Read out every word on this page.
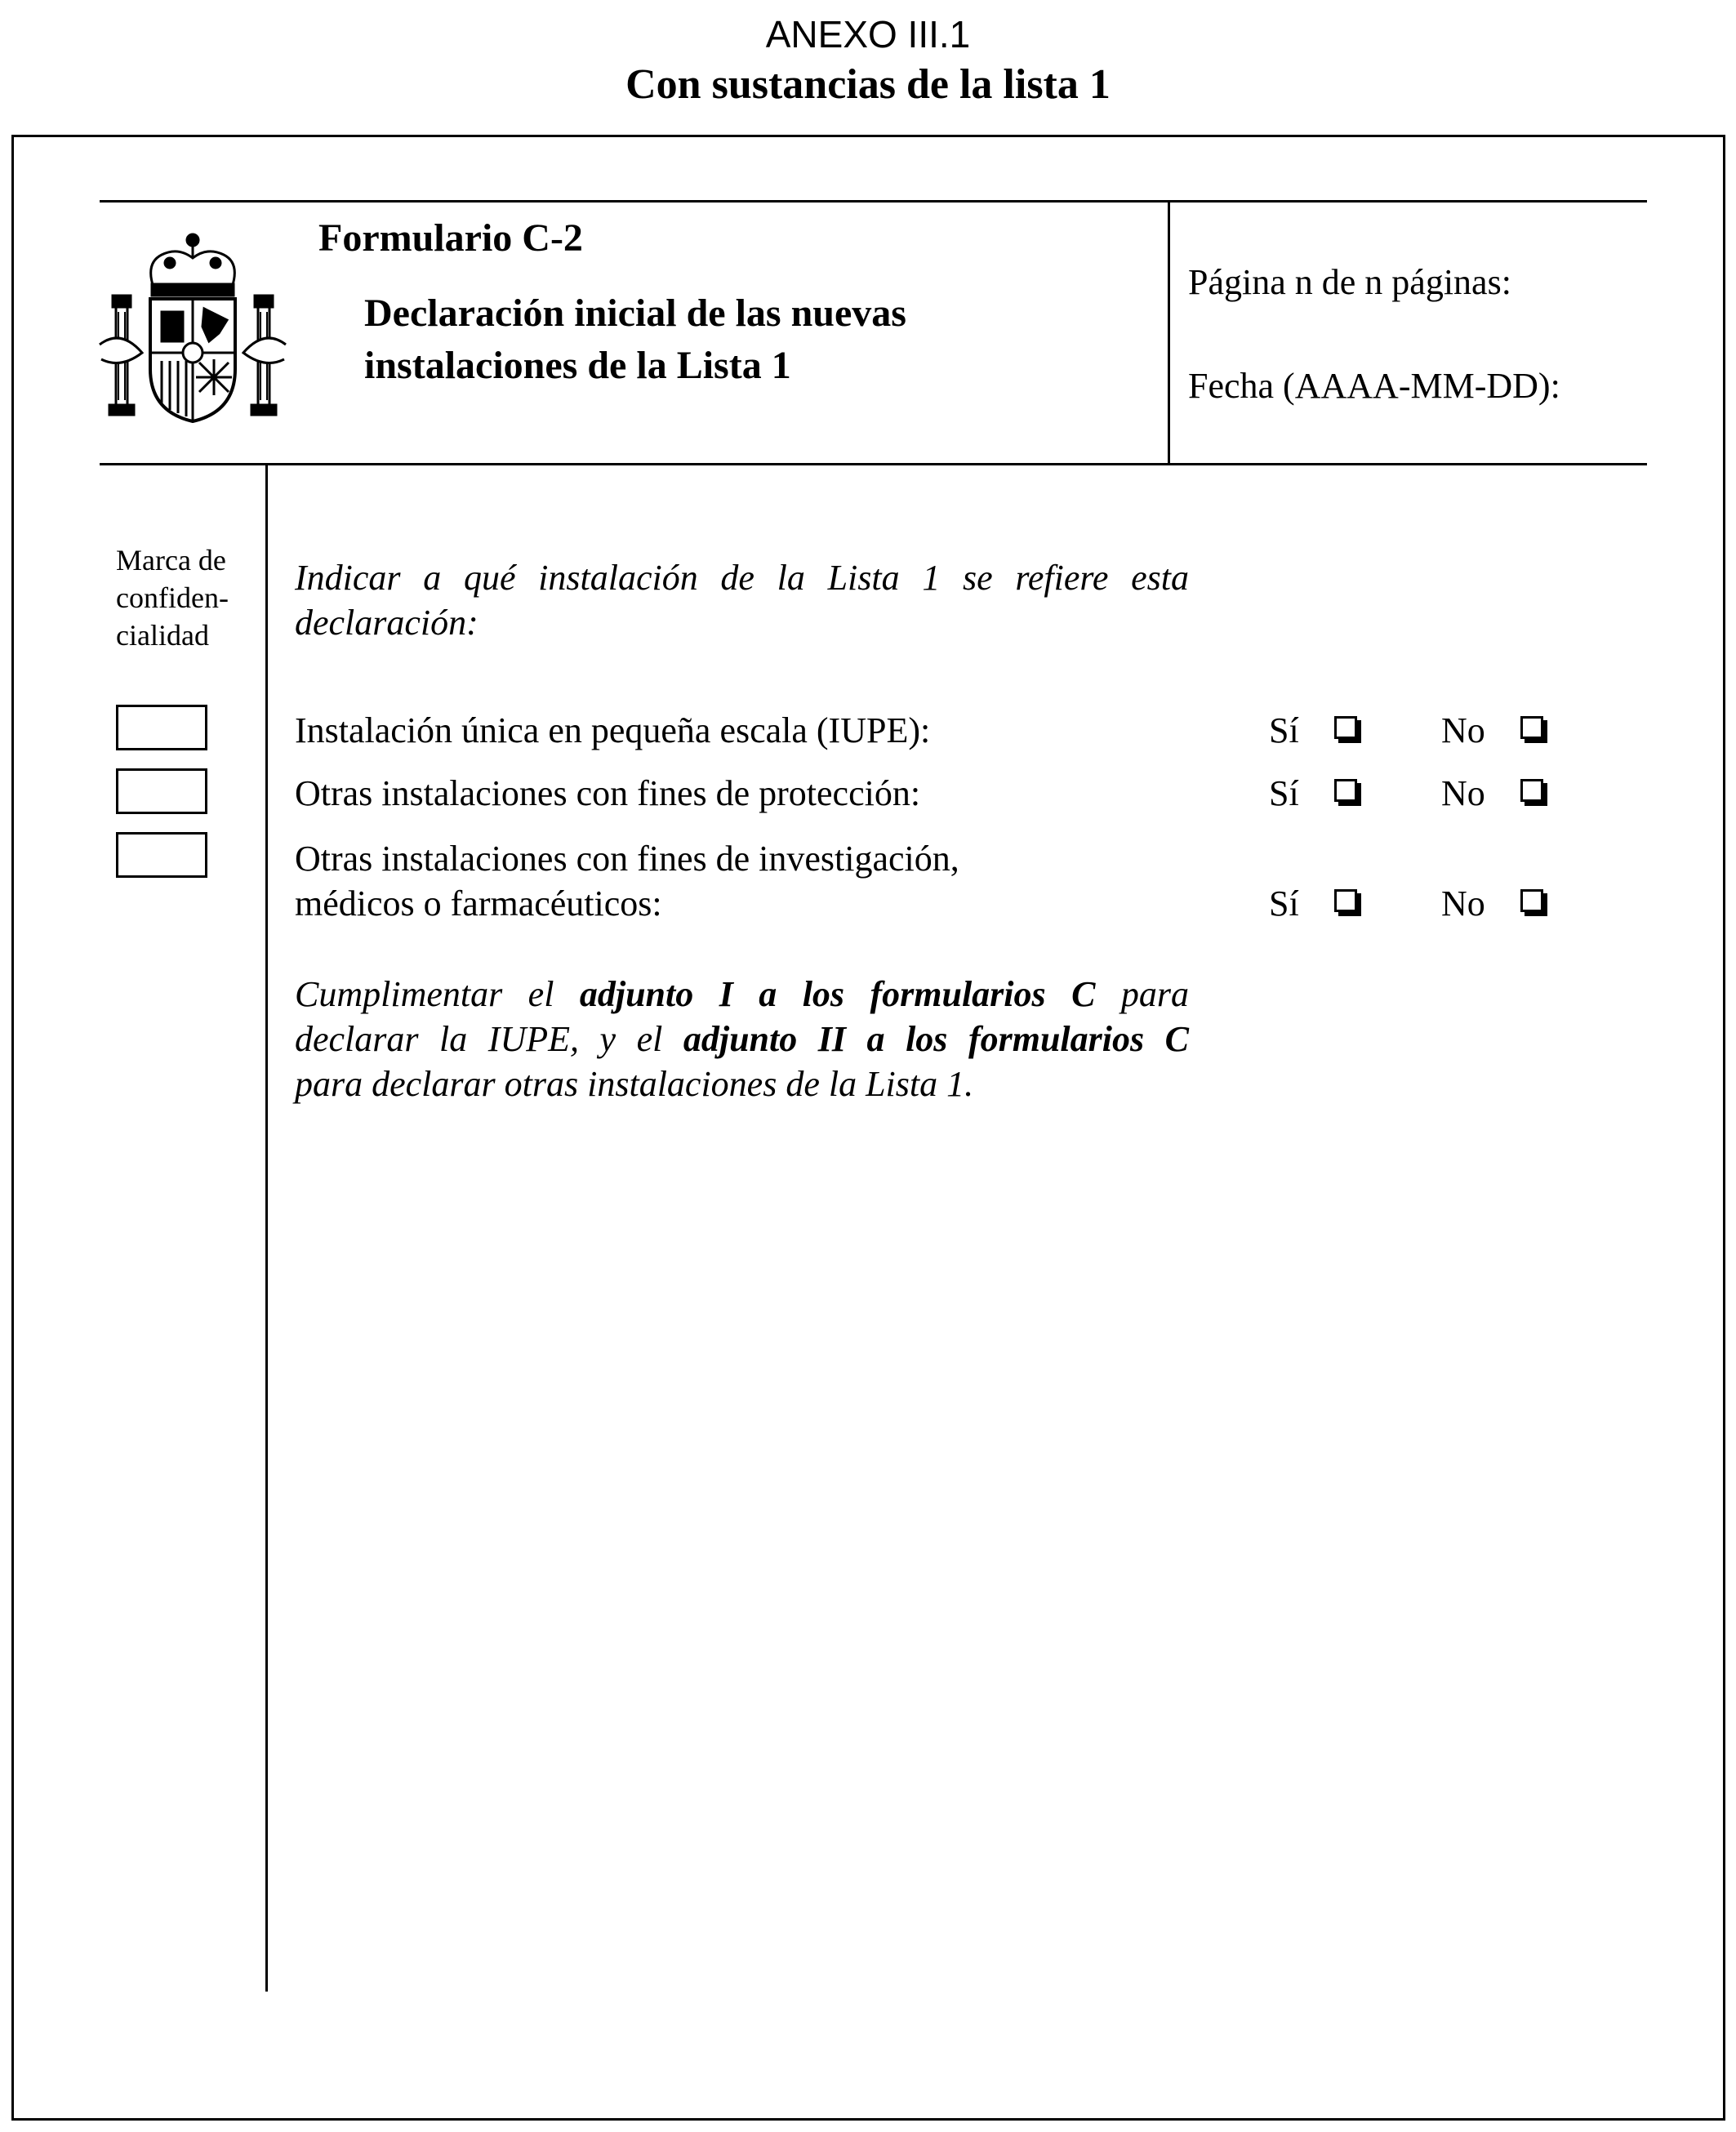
ANEXO III.1
Con sustancias de la lista 1
Formulario C-2
Declaración inicial de las nuevas instalaciones de la Lista 1
Página n de n páginas:
Fecha (AAAA-MM-DD):
Marca de
confiden-
cialidad
Indicar a qué instalación de la Lista 1 se refiere esta
declaración:
Instalación única en pequeña escala (IUPE):	Sí	No
Otras instalaciones con fines de protección:	Sí	No
Otras instalaciones con fines de investigación,
médicos o farmacéuticos:	Sí	No
Cumplimentar el adjunto I a los formularios C para
declarar la IUPE, y el adjunto II a los formularios C
para declarar otras instalaciones de la Lista 1.
